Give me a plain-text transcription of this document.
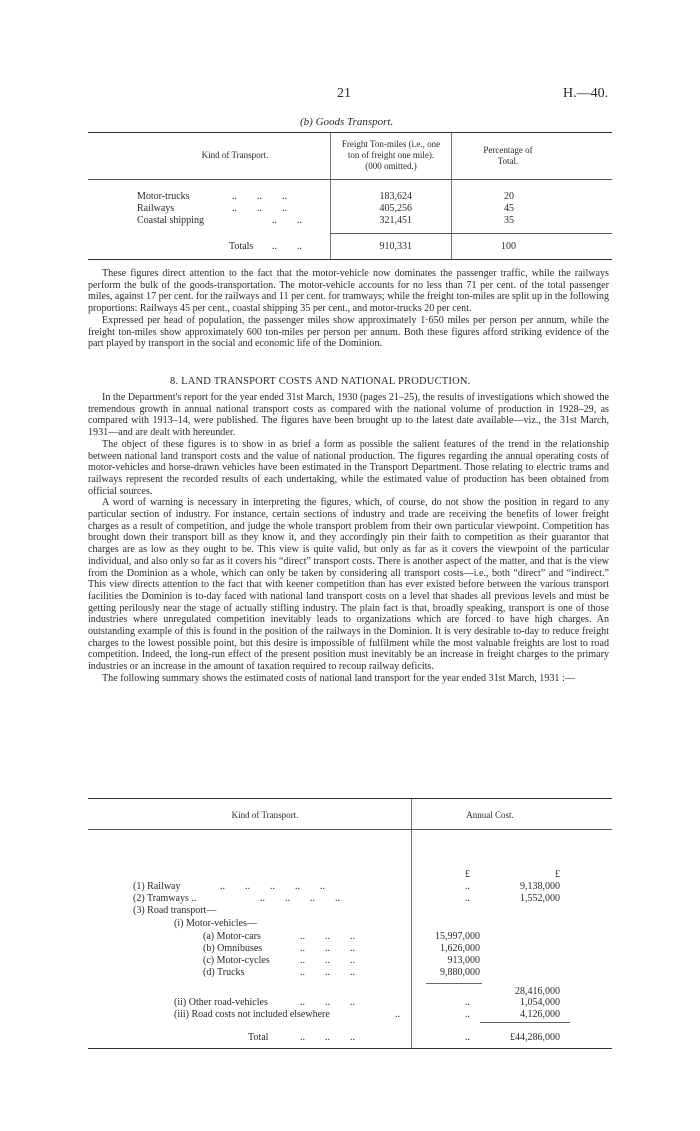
21	H.—40.
(b) Goods Transport.
Kind of Transport.
Freight Ton-miles (i.e., one
ton of freight one mile).
(000 omitted.)
Percentage of
Total.
Motor-trucks	..        ..        ..	183,624	20
Railways	..        ..        ..	405,256	45
Coastal shipping	..        ..	321,451	35
Totals ..        ..	910,331	100

These figures direct attention to the fact that the motor-vehicle now dominates the passenger traffic, while the railways perform the bulk of the goods-transportation. The motor-vehicle accounts for no less than 71 per cent. of the total passenger miles, against 17 per cent. for the railways and 11 per cent. for tramways; while the freight ton-miles are split up in the following proportions: Railways 45 per cent., coastal shipping 35 per cent., and motor-trucks 20 per cent.

Expressed per head of population, the passenger miles show approximately 1·650 miles per person per annum, while the freight ton-miles show approximately 600 ton-miles per person per annum. Both these figures afford striking evidence of the part played by transport in the social and economic life of the Dominion.

8. LAND TRANSPORT COSTS AND NATIONAL PRODUCTION.

In the Department's report for the year ended 31st March, 1930 (pages 21–25), the results of investigations which showed the tremendous growth in annual national transport costs as compared with the national volume of production in 1928–29, as compared with 1913–14, were published. The figures have been brought up to the latest date available—viz., the 31st March, 1931—and are dealt with hereunder.

The object of these figures is to show in as brief a form as possible the salient features of the trend in the relationship between national land transport costs and the value of national production. The figures regarding the annual operating costs of motor-vehicles and horse-drawn vehicles have been estimated in the Transport Department. Those relating to electric trams and railways represent the recorded results of each undertaking, while the estimated value of production has been obtained from official sources.

A word of warning is necessary in interpreting the figures, which, of course, do not show the position in regard to any particular section of industry. For instance, certain sections of industry and trade are receiving the benefits of lower freight charges as a result of competition, and judge the whole transport problem from their own particular viewpoint. Competition has brought down their transport bill as they know it, and they accordingly pin their faith to competition as their guarantor that charges are as low as they ought to be. This view is quite valid, but only as far as it covers the viewpoint of the particular individual, and also only so far as it covers his “direct” transport costs. There is another aspect of the matter, and that is the view from the Dominion as a whole, which can only be taken by considering all transport costs—i.e., both “direct” and “indirect.” This view directs attention to the fact that with keener competition than has ever existed before between the various transport facilities the Dominion is to-day faced with national land transport costs on a level that shades all previous levels and must be getting perilously near the stage of actually stifling industry. The plain fact is that, broadly speaking, transport is one of those industries where unregulated competition inevitably leads to organizations which are forced to have high charges. An outstanding example of this is found in the position of the railways in the Dominion. It is very desirable to-day to reduce freight charges to the lowest possible point, but this desire is impossible of fulfilment while the most valuable freights are lost to road competition. Indeed, the long-run effect of the present position must inevitably be an increase in freight charges to the primary industries or an increase in the amount of taxation required to recoup railway deficits.

The following summary shows the estimated costs of national land transport for the year ended 31st March, 1931 :—

Kind of Transport.	Annual Cost.
£	£
(1) Railway	..        ..        ..        ..        ..	..	9,138,000
(2) Tramways ..	..        ..        ..        ..	..	1,552,000
(3) Road transport—
(i) Motor-vehicles—
(a) Motor-cars	..        ..        ..	15,997,000
(b) Omnibuses	..        ..        ..	1,626,000
(c) Motor-cycles	..        ..        ..	913,000
(d) Trucks	..        ..        ..	9,880,000
28,416,000
(ii) Other road-vehicles	..        ..        ..	..	1,054,000
(iii) Road costs not included elsewhere	..	..	4,126,000
Total	..        ..        ..	..	£44,286,000
